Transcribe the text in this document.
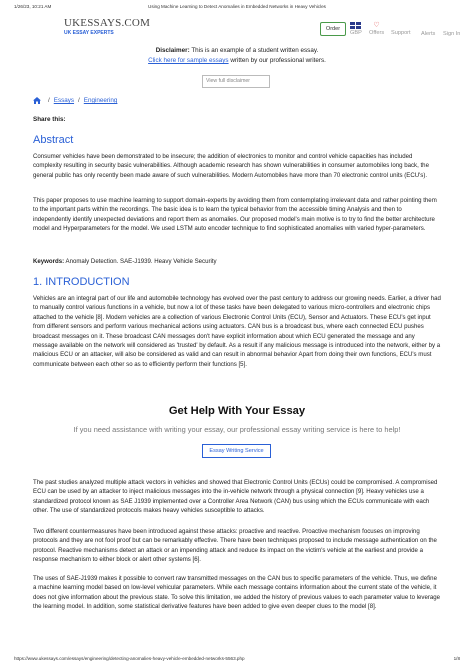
1/26/23, 10:21 AM	Using Machine Learning to Detect Anomalies in Embedded Networks in Heavy Vehicles
UKESSAYS.COM
UK ESSAY EXPERTS
Order
GBP
♡
Offers Support Alerts Sign In
Disclaimer: This is an example of a student written essay.
Click here for sample essays written by our professional writers.
View full disclaimer
/ Essays / Engineering
Share this:
Abstract
Consumer vehicles have been demonstrated to be insecure; the addition of electronics to monitor and control vehicle capacities has included complexity resulting in security basic vulnerabilities. Although academic research has shown vulnerabilities in consumer automobiles long back, the general public has only recently been made aware of such vulnerabilities. Modern Automobiles have more than 70 electronic control units (ECU's).
This paper proposes to use machine learning to support domain-experts by avoiding them from contemplating irrelevant data and rather pointing them to the important parts within the recordings. The basic idea is to learn the typical behavior from the accessible timing Analysis and then to independently identify unexpected deviations and report them as anomalies. Our proposed model's main motive is to try to find the better architecture model and Hyperparameters for the model. We used LSTM auto encoder technique to find sophisticated anomalies with varied hyper-parameters.
Keywords: Anomaly Detection. SAE-J1939. Heavy Vehicle Security
1. INTRODUCTION
Vehicles are an integral part of our life and automobile technology has evolved over the past century to address our growing needs. Earlier, a driver had to manually control various functions in a vehicle, but now a lot of these tasks have been delegated to various micro-controllers and electronic chips attached to the vehicle [8]. Modern vehicles are a collection of various Electronic Control Units (ECU), Sensor and Actuators. These ECU's get input from different sensors and perform various mechanical actions using actuators. CAN bus is a broadcast bus, where each connected ECU pushes broadcast messages on it. These broadcast CAN messages don't have explicit information about which ECU generated the message and any message available on the network will considered as 'trusted' by default. As a result if any malicious message is introduced into the network, either by a malicious ECU or an attacker, will also be considered as valid and can result in abnormal behavior Apart from doing their own functions, ECU's must communicate between each other so as to efficiently perform their functions [5].
Get Help With Your Essay
If you need assistance with writing your essay, our professional essay writing service is here to help!
Essay Writing Service
The past studies analyzed multiple attack vectors in vehicles and showed that Electronic Control Units (ECUs) could be compromised. A compromised ECU can be used by an attacker to inject malicious messages into the in-vehicle network through a physical connection [9]. Heavy vehicles use a standardized protocol known as SAE J1939 implemented over a Controller Area Network (CAN) bus using which the ECUs communicate with each other. The use of standardized protocols makes heavy vehicles susceptible to attacks.
Two different countermeasures have been introduced against these attacks: proactive and reactive. Proactive mechanism focuses on improving protocols and they are not fool proof but can be remarkably effective. There have been techniques proposed to include message authentication on the protocol. Reactive mechanisms detect an attack or an impending attack and reduce its impact on the victim's vehicle at the earliest and provide a response mechanism to either block or alert other systems [6].
The uses of SAE-J1939 makes it possible to convert raw transmitted messages on the CAN bus to specific parameters of the vehicle. Thus, we define a machine learning model based on low-level vehicular parameters. While each message contains information about the current state of the vehicle, it does not give information about the previous state. To solve this limitation, we added the history of previous values to each parameter value to leverage the learning model. In addition, some statistical derivative features have been added to give even deeper clues to the model [8].
https://www.ukessays.com/essays/engineering/detecting-anomalies-heavy-vehicle-embedded-networks-5563.php	1/8
